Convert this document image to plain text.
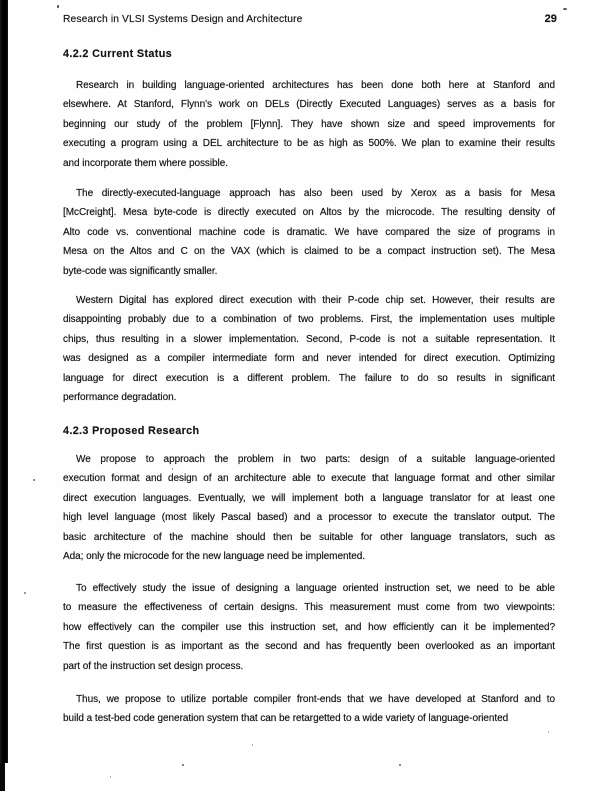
Research in VLSI Systems Design and Architecture	29
4.2.2 Current Status
Research in building language-oriented architectures has been done both here at Stanford and
elsewhere. At Stanford, Flynn's work on DELs (Directly Executed Languages) serves as a basis for
beginning our study of the problem [Flynn]. They have shown size and speed improvements for
executing a program using a DEL architecture to be as high as 500%. We plan to examine their results
and incorporate them where possible.
The directly-executed-language approach has also been used by Xerox as a basis for Mesa
[McCreight]. Mesa byte-code is directly executed on Altos by the microcode. The resulting density of
Alto code vs. conventional machine code is dramatic. We have compared the size of programs in
Mesa on the Altos and C on the VAX (which is claimed to be a compact instruction set). The Mesa
byte-code was significantly smaller.
Western Digital has explored direct execution with their P-code chip set. However, their results are
disappointing probably due to a combination of two problems. First, the implementation uses multiple
chips, thus resulting in a slower implementation. Second, P-code is not a suitable representation. It
was designed as a compiler intermediate form and never intended for direct execution. Optimizing
language for direct execution is a different problem. The failure to do so results in significant
performance degradation.
4.2.3 Proposed Research
We propose to approach the problem in two parts: design of a suitable language-oriented
execution format and design of an architecture able to execute that language format and other similar
direct execution languages. Eventually, we will implement both a language translator for at least one
high level language (most likely Pascal based) and a processor to execute the translator output. The
basic architecture of the machine should then be suitable for other language translators, such as
Ada; only the microcode for the new language need be implemented.
To effectively study the issue of designing a language oriented instruction set, we need to be able
to measure the effectiveness of certain designs. This measurement must come from two viewpoints:
how effectively can the compiler use this instruction set, and how efficiently can it be implemented?
The first question is as important as the second and has frequently been overlooked as an important
part of the instruction set design process.
Thus, we propose to utilize portable compiler front-ends that we have developed at Stanford and to
build a test-bed code generation system that can be retargetted to a wide variety of language-oriented
